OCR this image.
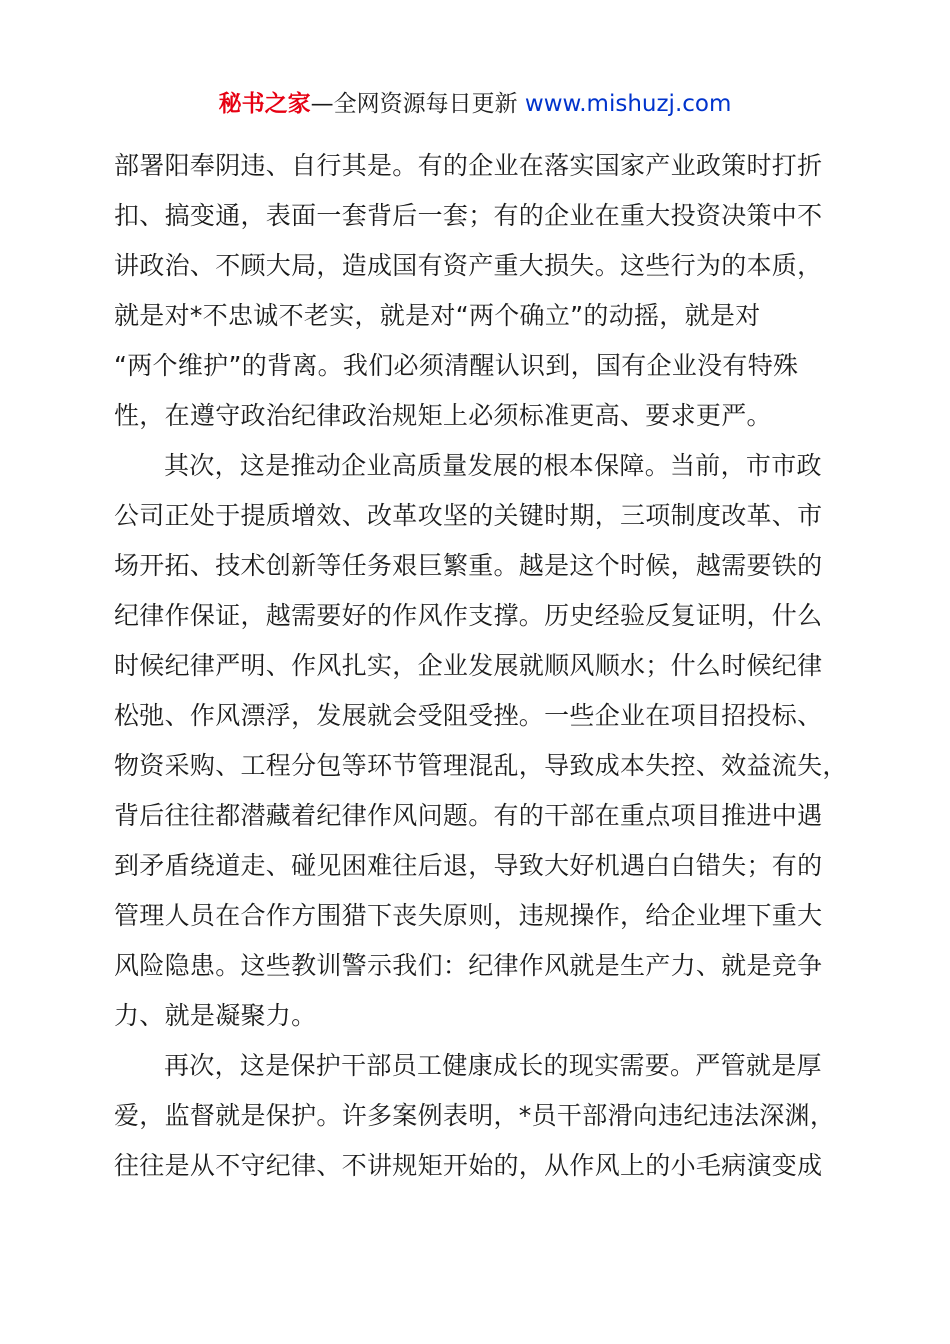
秘书之家—全网资源每日更新 www.mishuzj.com
部署阳奉阴违、自行其是。有的企业在落实国家产业政策时打折
扣、搞变通，表面一套背后一套；有的企业在重大投资决策中不
讲政治、不顾大局，造成国有资产重大损失。这些行为的本质，
就是对*不忠诚不老实，就是对“两个确立”的动摇，就是对
“两个维护”的背离。我们必须清醒认识到，国有企业没有特殊
性，在遵守政治纪律政治规矩上必须标准更高、要求更严。
其次，这是推动企业高质量发展的根本保障。当前，市市政
公司正处于提质增效、改革攻坚的关键时期，三项制度改革、市
场开拓、技术创新等任务艰巨繁重。越是这个时候，越需要铁的
纪律作保证，越需要好的作风作支撑。历史经验反复证明，什么
时候纪律严明、作风扎实，企业发展就顺风顺水；什么时候纪律
松弛、作风漂浮，发展就会受阻受挫。一些企业在项目招投标、
物资采购、工程分包等环节管理混乱，导致成本失控、效益流失，
背后往往都潜藏着纪律作风问题。有的干部在重点项目推进中遇
到矛盾绕道走、碰见困难往后退，导致大好机遇白白错失；有的
管理人员在合作方围猎下丧失原则，违规操作，给企业埋下重大
风险隐患。这些教训警示我们：纪律作风就是生产力、就是竞争
力、就是凝聚力。
再次，这是保护干部员工健康成长的现实需要。严管就是厚
爱，监督就是保护。许多案例表明，*员干部滑向违纪违法深渊，
往往是从不守纪律、不讲规矩开始的，从作风上的小毛病演变成
